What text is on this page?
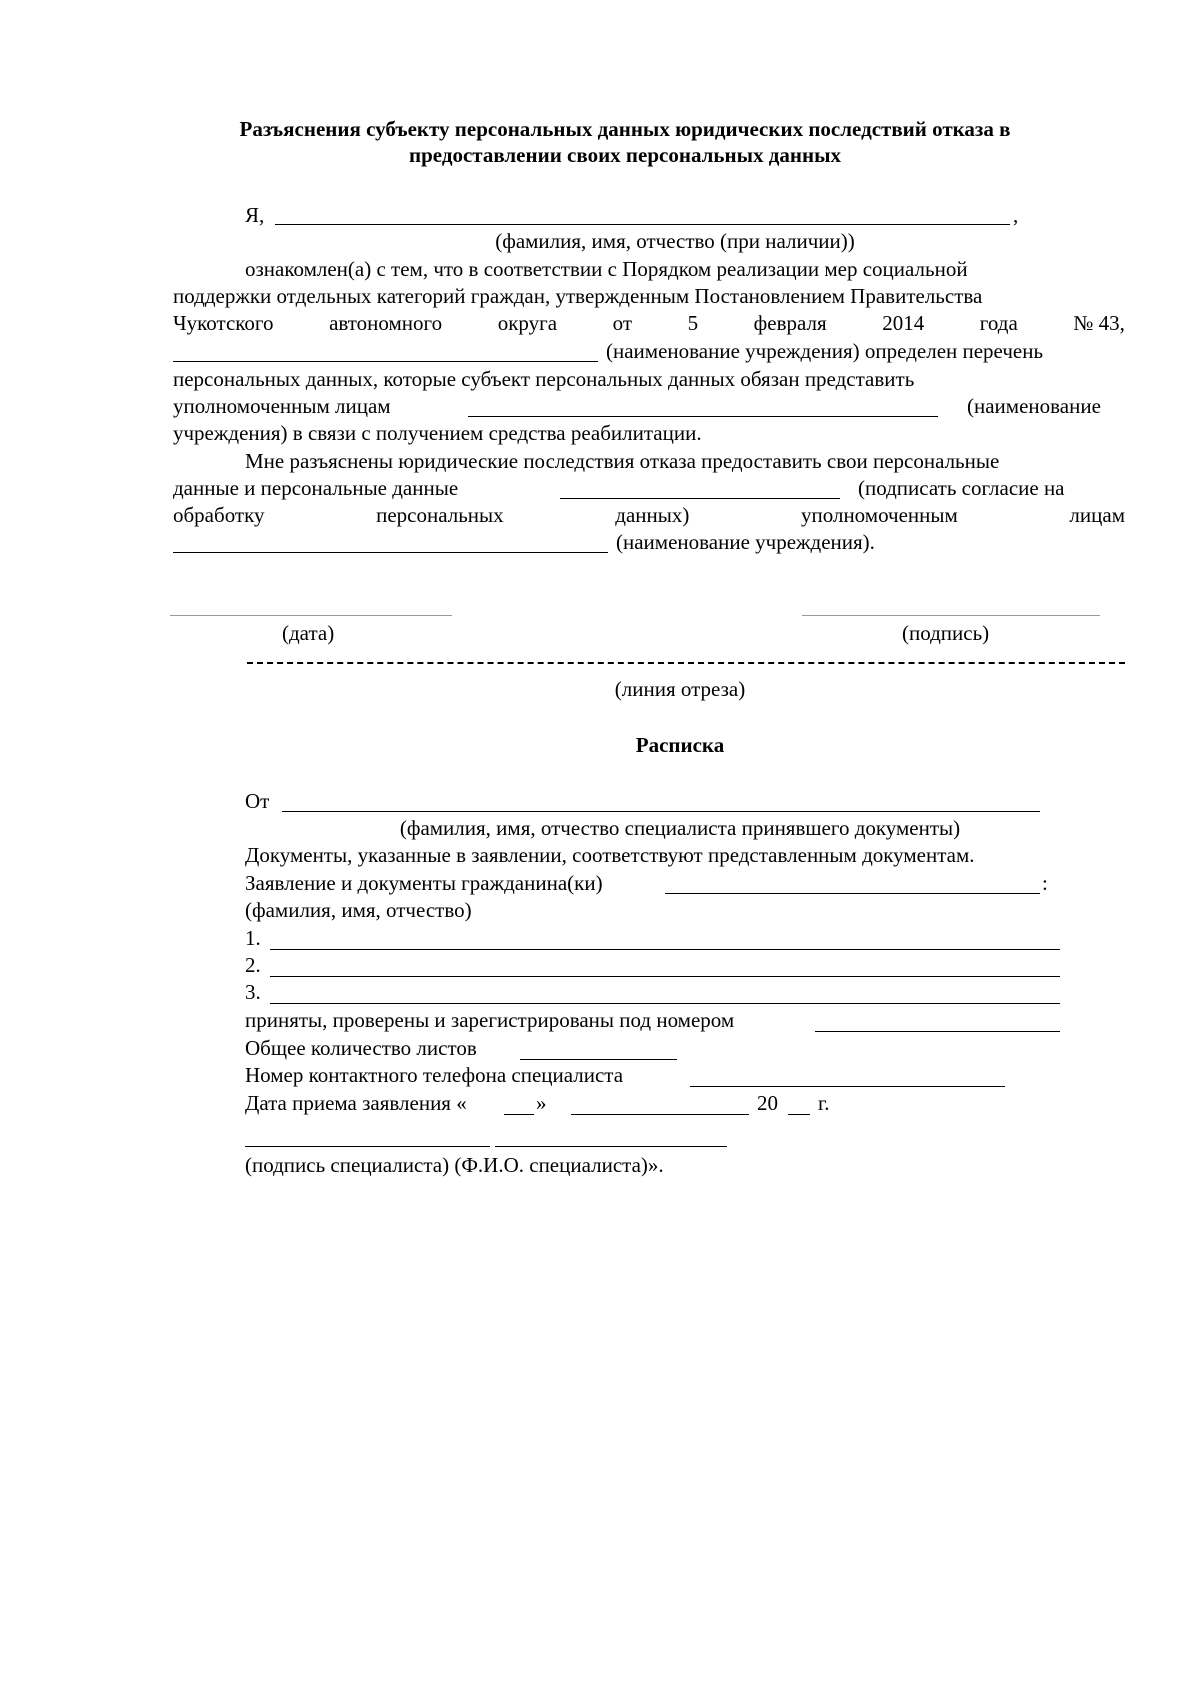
Разъяснения субъекту персональных данных юридических последствий отказа в
предоставлении своих персональных данных
Я,	,
(фамилия, имя, отчество (при наличии))
ознакомлен(а) с тем, что в соответствии с Порядком реализации мер социальной
поддержки отдельных категорий граждан, утвержденным Постановлением Правительства
Чукотского	автономного	округа	от	5	февраля	2014	года	№ 43,
(наименование учреждения) определен перечень
персональных данных, которые субъект персональных данных обязан представить
уполномоченным лицам	(наименование
учреждения) в связи с получением средства реабилитации.
Мне разъяснены юридические последствия отказа предоставить свои персональные
данные и персональные данные	(подписать согласие на
обработку	персональных	данных)	уполномоченным	лицам
(наименование учреждения).
(дата)	(подпись)
(линия отреза)
Расписка
От
(фамилия, имя, отчество специалиста принявшего документы)
Документы, указанные в заявлении, соответствуют представленным документам.
Заявление и документы гражданина(ки)	:
(фамилия, имя, отчество)
1.
2.
3.
приняты, проверены и зарегистрированы под номером
Общее количество листов
Номер контактного телефона специалиста
Дата приема заявления «	»	20 г.
(подпись специалиста) (Ф.И.О. специалиста)».
